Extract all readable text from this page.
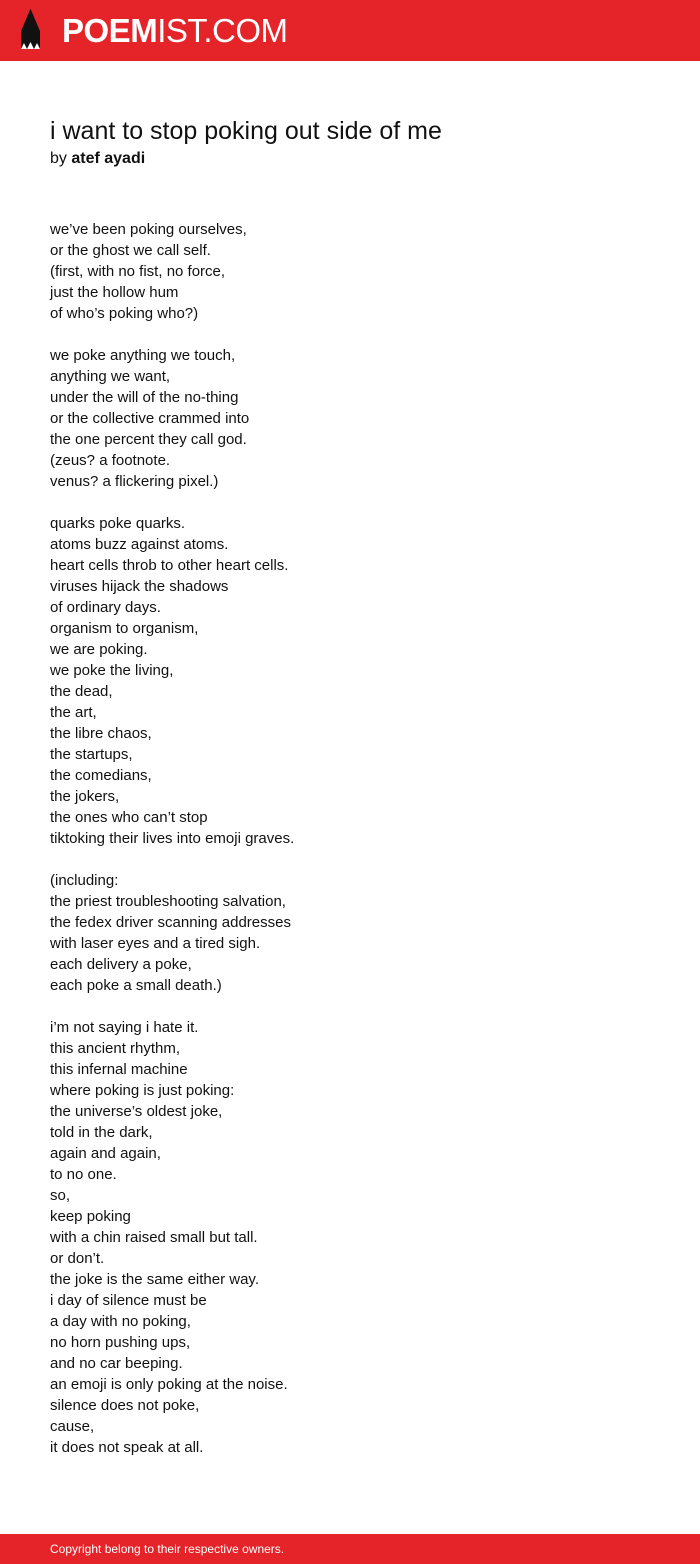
POEMIST.COM
i want to stop poking out side of me
by atef ayadi
we’ve been poking ourselves,
or the ghost we call self.
(first, with no fist, no force,
just the hollow hum
of who’s poking who?)
we poke anything we touch,
anything we want,
under the will of the no-thing
or the collective crammed into
the one percent they call god.
(zeus? a footnote.
venus? a flickering pixel.)
quarks poke quarks.
atoms buzz against atoms.
heart cells throb to other heart cells.
viruses hijack the shadows
of ordinary days.
organism to organism,
we are poking.
we poke the living,
the dead,
the art,
the libre chaos,
the startups,
the comedians,
the jokers,
the ones who can’t stop
tiktoking their lives into emoji graves.
(including:
the priest troubleshooting salvation,
the fedex driver scanning addresses
with laser eyes and a tired sigh.
each delivery a poke,
each poke a small death.)
i’m not saying i hate it.
this ancient rhythm,
this infernal machine
where poking is just poking:
the universe’s oldest joke,
told in the dark,
again and again,
to no one.
so,
keep poking
with a chin raised small but tall.
or don’t.
the joke is the same either way.
i day of silence must be
a day with no poking,
no horn pushing ups,
and no car beeping.
an emoji is only poking at the noise.
silence does not poke,
cause,
it does not speak at all.
Copyright belong to their respective owners.
